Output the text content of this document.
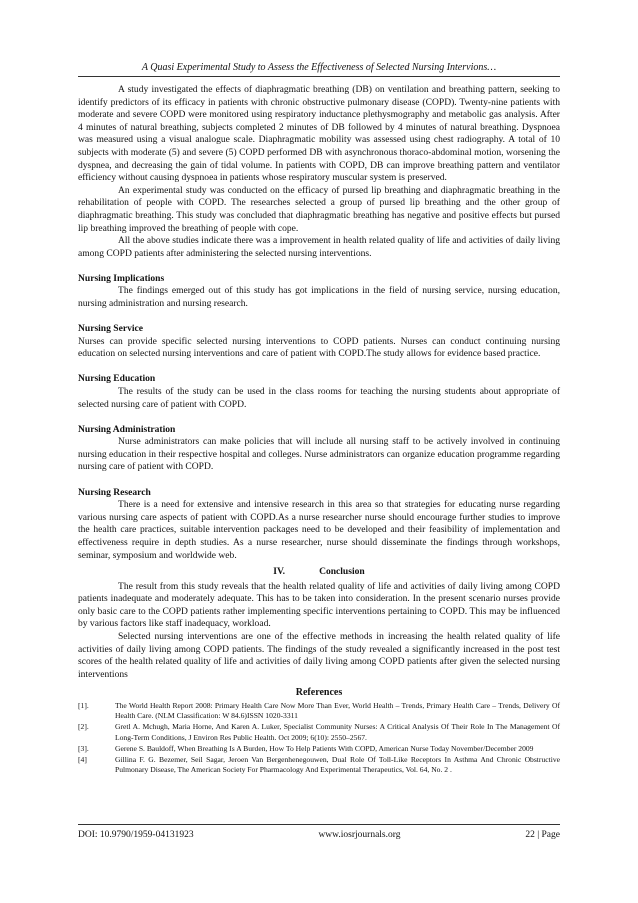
A Quasi Experimental Study to Assess the Effectiveness of Selected Nursing Intervions…

A study investigated the effects of diaphragmatic breathing (DB) on ventilation and breathing pattern, seeking to identify predictors of its efficacy in patients with chronic obstructive pulmonary disease (COPD). Twenty-nine patients with moderate and severe COPD were monitored using respiratory inductance plethysmography and metabolic gas analysis. After 4 minutes of natural breathing, subjects completed 2 minutes of DB followed by 4 minutes of natural breathing. Dyspnoea was measured using a visual analogue scale. Diaphragmatic mobility was assessed using chest radiography. A total of 10 subjects with moderate (5) and severe (5) COPD performed DB with asynchronous thoraco-abdominal motion, worsening the dyspnea, and decreasing the gain of tidal volume. In patients with COPD, DB can improve breathing pattern and ventilator efficiency without causing dyspnoea in patients whose respiratory muscular system is preserved.

An experimental study was conducted on the efficacy of pursed lip breathing and diaphragmatic breathing in the rehabilitation of people with COPD. The researches selected a group of pursed lip breathing and the other group of diaphragmatic breathing. This study was concluded that diaphragmatic breathing has negative and positive effects but pursed lip breathing improved the breathing of people with cope.

All the above studies indicate there was a improvement in health related quality of life and activities of daily living among COPD patients after administering the selected nursing interventions.

Nursing Implications

The findings emerged out of this study has got implications in the field of nursing service, nursing education, nursing administration and nursing research.

Nursing Service

Nurses can provide specific selected nursing interventions to COPD patients. Nurses can conduct continuing nursing education on selected nursing interventions and care of patient with COPD.The study allows for evidence based practice.

Nursing Education

The results of the study can be used in the class rooms for teaching the nursing students about appropriate of selected nursing care of patient with COPD.

Nursing Administration

Nurse administrators can make policies that will include all nursing staff to be actively involved in continuing nursing education in their respective hospital and colleges. Nurse administrators can organize education programme regarding nursing care of patient with COPD.

Nursing Research

There is a need for extensive and intensive research in this area so that strategies for educating nurse regarding various nursing care aspects of patient with COPD.As a nurse researcher nurse should encourage further studies to improve the health care practices, suitable intervention packages need to be developed and their feasibility of implementation and effectiveness require in depth studies. As a nurse researcher, nurse should disseminate the findings through workshops, seminar, symposium and worldwide web.

IV.	Conclusion

The result from this study reveals that the health related quality of life and activities of daily living among COPD patients inadequate and moderately adequate. This has to be taken into consideration. In the present scenario nurses provide only basic care to the COPD patients rather implementing specific interventions pertaining to COPD. This may be influenced by various factors like staff inadequacy, workload.

Selected nursing interventions are one of the effective methods in increasing the health related quality of life activities of daily living among COPD patients. The findings of the study revealed a significantly increased in the post test scores of the health related quality of life and activities of daily living among COPD patients after given the selected nursing interventions

References
[1].	The World Health Report 2008: Primary Health Care Now More Than Ever, World Health – Trends, Primary Health Care – Trends, Delivery Of Health Care. (NLM Classification: W 84.6)ISSN 1020-3311
[2].	Gretl A. Mchugh, Maria Horne, And Karen A. Luker, Specialist Community Nurses: A Critical Analysis Of Their Role In The Management Of Long-Term Conditions, J Environ Res Public Health. Oct 2009; 6(10): 2550–2567.
[3].	Gerene S. Bauldoff, When Breathing Is A Burden, How To Help Patients With COPD, American Nurse Today November/December 2009
[4]	Gillina F. G. Bezemer, Seil Sagar, Jeroen Van Bergenhenegouwen, Dual Role Of Toll-Like Receptors In Asthma And Chronic Obstructive Pulmonary Disease, The American Society For Pharmacology And Experimental Therapeutics, Vol. 64, No. 2 .
DOI: 10.9790/1959-04131923	www.iosrjournals.org	22 | Page
